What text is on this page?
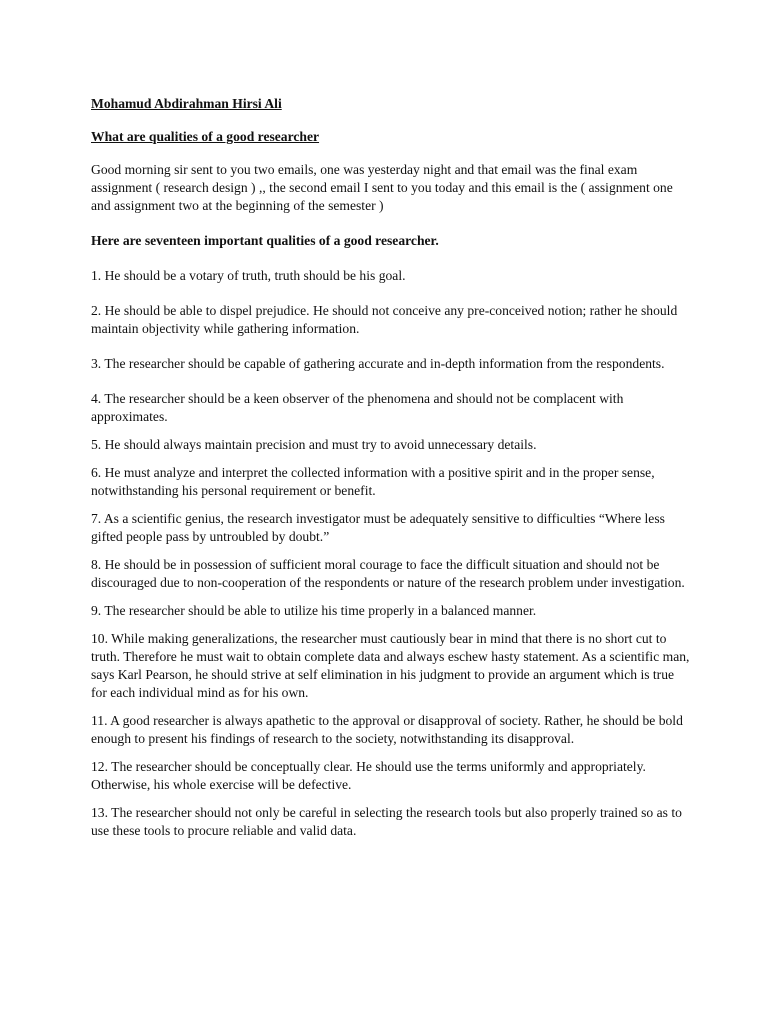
Mohamud Abdirahman Hirsi Ali

What are qualities of a good researcher

Good morning sir sent to you two emails, one was yesterday night and that email was the final exam assignment ( research design ) ,, the second email I sent to you today and this email is the ( assignment one and assignment two at the beginning of the semester )

Here are seventeen important qualities of a good researcher.

1. He should be a votary of truth, truth should be his goal.

2. He should be able to dispel prejudice. He should not conceive any pre-conceived notion; rather he should maintain objectivity while gathering information.

3. The researcher should be capable of gathering accurate and in-depth information from the respondents.

4. The researcher should be a keen observer of the phenomena and should not be complacent with approximates.

5. He should always maintain precision and must try to avoid unnecessary details.

6. He must analyze and interpret the collected information with a positive spirit and in the proper sense, notwithstanding his personal requirement or benefit.

7. As a scientific genius, the research investigator must be adequately sensitive to difficulties “Where less gifted people pass by untroubled by doubt.”

8. He should be in possession of sufficient moral courage to face the difficult situation and should not be discouraged due to non-cooperation of the respondents or nature of the research problem under investigation.

9. The researcher should be able to utilize his time properly in a balanced manner.

10. While making generalizations, the researcher must cautiously bear in mind that there is no short cut to truth. Therefore he must wait to obtain complete data and always eschew hasty statement. As a scientific man, says Karl Pearson, he should strive at self elimination in his judgment to provide an argument which is true for each individual mind as for his own.

11. A good researcher is always apathetic to the approval or disapproval of society. Rather, he should be bold enough to present his findings of research to the society, notwithstanding its disapproval.

12. The researcher should be conceptually clear. He should use the terms uniformly and appropriately. Otherwise, his whole exercise will be defective.

13. The researcher should not only be careful in selecting the research tools but also properly trained so as to use these tools to procure reliable and valid data.
